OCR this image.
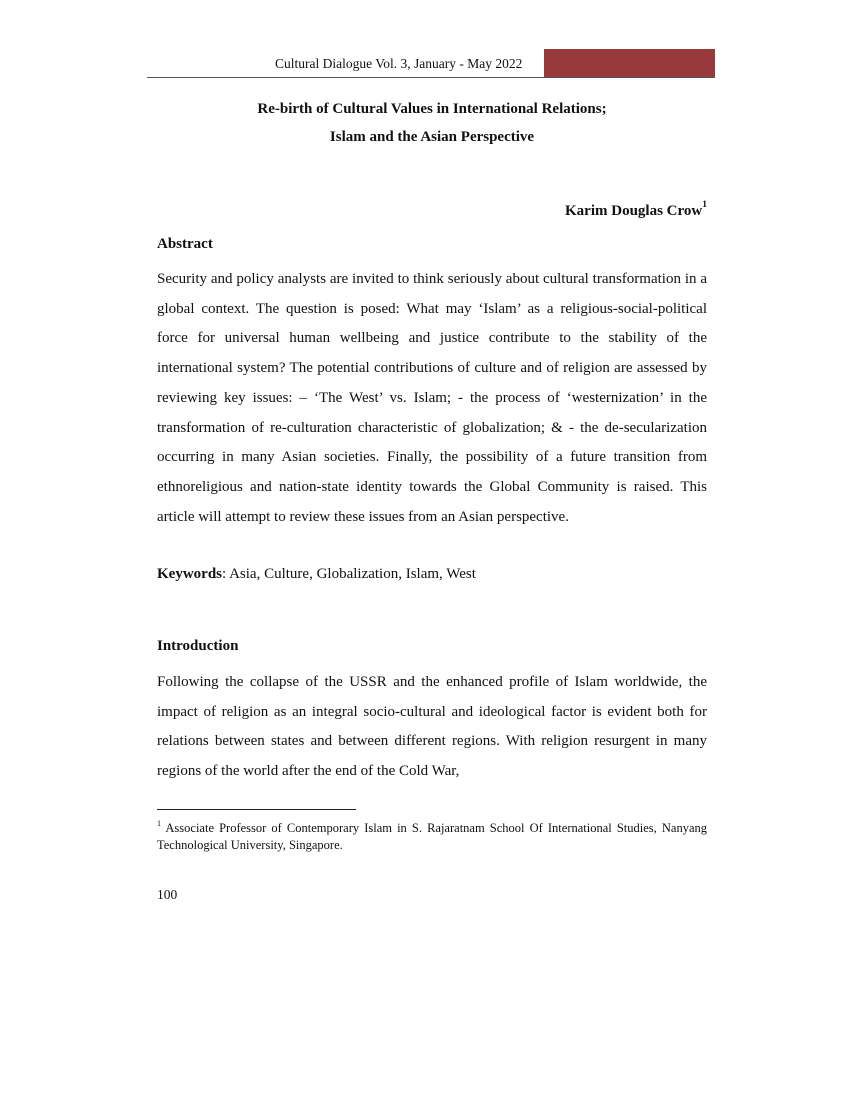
Cultural Dialogue Vol. 3, January - May 2022
Re-birth of Cultural Values in International Relations;
Islam and the Asian Perspective
Karim Douglas Crow$^1$
Abstract
Security and policy analysts are invited to think seriously about cultural transformation in a global context. The question is posed: What may ‘Islam’ as a religious-social-political force for universal human wellbeing and justice contribute to the stability of the international system? The potential contributions of culture and of religion are assessed by reviewing key issues: – ‘The West’ vs. Islam; - the process of ‘westernization’ in the transformation of re-culturation characteristic of globalization; & - the de-secularization occurring in many Asian societies. Finally, the possibility of a future transition from ethnoreligious and nation-state identity towards the Global Community is raised. This article will attempt to review these issues from an Asian perspective.
Keywords: Asia, Culture, Globalization, Islam, West
Introduction
Following the collapse of the USSR and the enhanced profile of Islam worldwide, the impact of religion as an integral socio-cultural and ideological factor is evident both for relations between states and between different regions. With religion resurgent in many regions of the world after the end of the Cold War,
$^1$ Associate Professor of Contemporary Islam in S. Rajaratnam School Of International Studies, Nanyang Technological University, Singapore.
100
